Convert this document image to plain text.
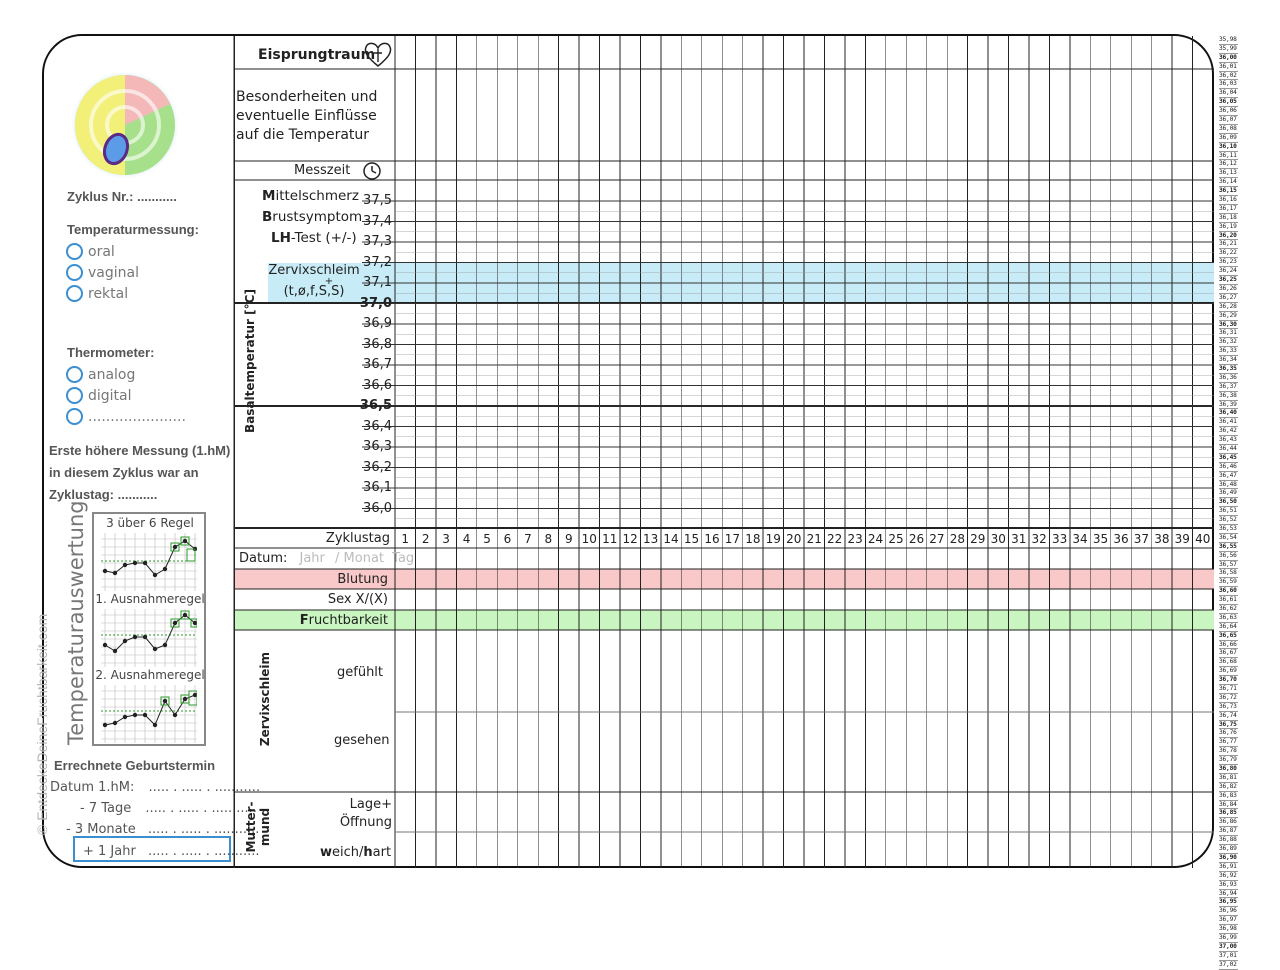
© EntdeckeDeineFruchtbarkeit.com
Zyklus Nr.: ...........
Temperaturmessung:
oral
vaginal
rektal
Thermometer:
analog
digital
......................
Erste höhere Messung (1.hM)
in diesem Zyklus war an
Zyklustag: ...........
Temperaturauswertung	3 über 6 Regel
1. Ausnahmeregel
2. Ausnahmeregel
Errechnete Geburtstermin
Datum 1.hM: ..... . ..... . ...........
- 7 Tage ..... . ..... . ...........
- 3 Monate ..... . ..... . ...........
+ 1 Jahr ..... . ..... . ...........
Eisprungtraum
Besonderheiten und
eventuelle Einflüsse
auf die Temperatur
Messzeit
Mittelschmerz
Brustsymptom
LH-Test (+/-)
Zervixschleim
+
(t,ø,f,S,S)
Basaltemperatur [°C]
37,5
37,4
37,3
37,2
37,1
37,0
36,9
36,8
36,7
36,6
36,5
36,4
36,3
36,2
36,1
36,0
Zyklustag 1	2	3	4	5	6	7	8	9 10 11 12 13 14 15 16 17 18 19 20 21 22 23 24 25 26 27 28 29 30 31 32 33 34 35 36 37 38 39 40
Datum: Jahr / Monat Tag
Blutung
Sex X/(X)
Fruchtbarkeit
Zervixschleim	gefühlt
gesehen
Mutter- mund
Lage+
Öffnung
weich/hart
35,98
35,99
36,00
36,01
36,02
36,03
36,04
36,05
36,06
36,07
36,08
36,09
36,10
36,11
36,12
36,13
36,14
36,15
36,16
36,17
36,18
36,19
36,20
36,21
36,22
36,23
36,24
36,25
36,26
36,27
36,28
36,29
36,30
36,31
36,32
36,33
36,34
36,35
36,36
36,37
36,38
36,39
36,40
36,41
36,42
36,43
36,44
36,45
36,46
36,47
36,48
36,49
36,50
36,51
36,52
36,53
36,54
36,55
36,56
36,57
36,58
36,59
36,60
36,61
36,62
36,63
36,64
36,65
36,66
36,67
36,68
36,69
36,70
36,71
36,72
36,73
36,74
36,75
36,76
36,77
36,78
36,79
36,80
36,81
36,82
36,83
36,84
36,85
36,86
36,87
36,88
36,89
36,90
36,91
36,92
36,93
36,94
36,95
36,96
36,97
36,98
36,99
37,00
37,01
37,02
